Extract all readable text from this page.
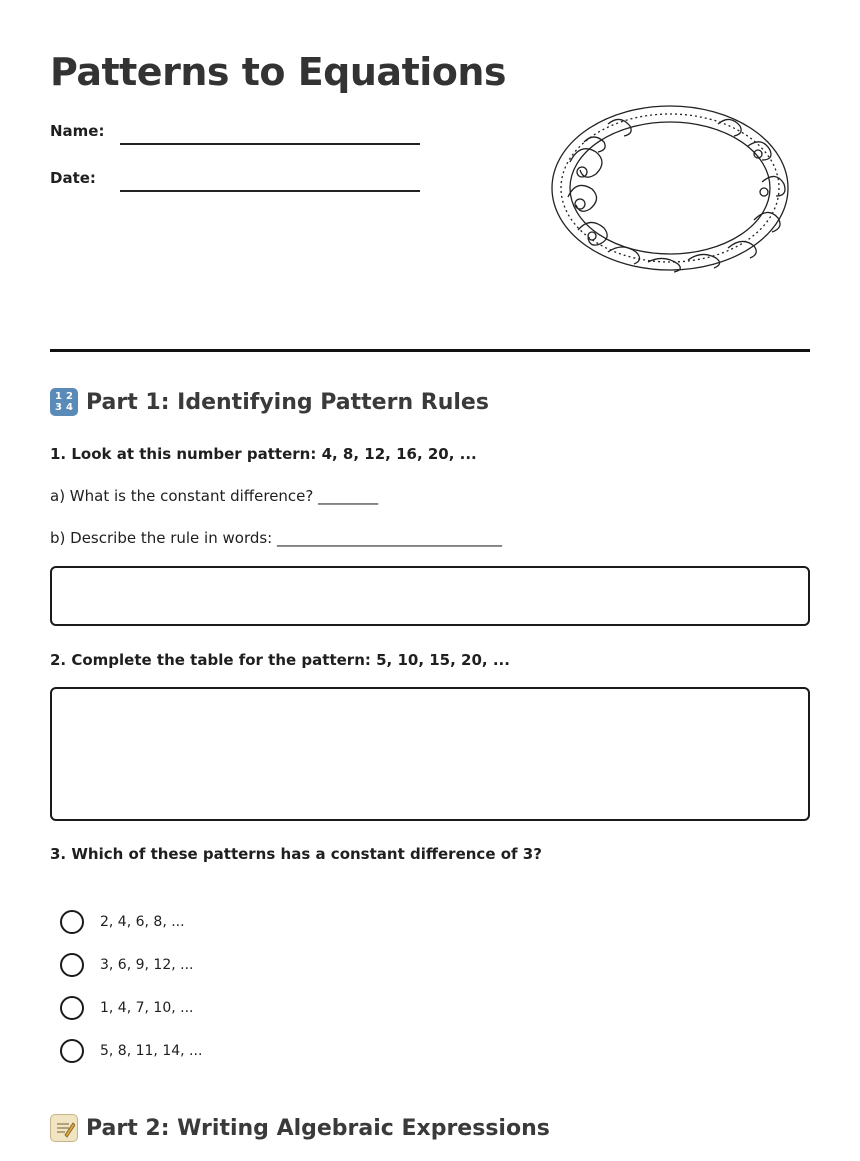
Patterns to Equations
Name:
Date:
1 2
3 4 Part 1: Identifying Pattern Rules

1. Look at this number pattern: 4, 8, 12, 16, 20, ...

a) What is the constant difference? ________

b) Describe the rule in words: ______________________________

2. Complete the table for the pattern: 5, 10, 15, 20, ...

3. Which of these patterns has a constant difference of 3?

2, 4, 6, 8, ...
3, 6, 9, 12, ...
1, 4, 7, 10, ...
5, 8, 11, 14, ...
Part 2: Writing Algebraic Expressions
